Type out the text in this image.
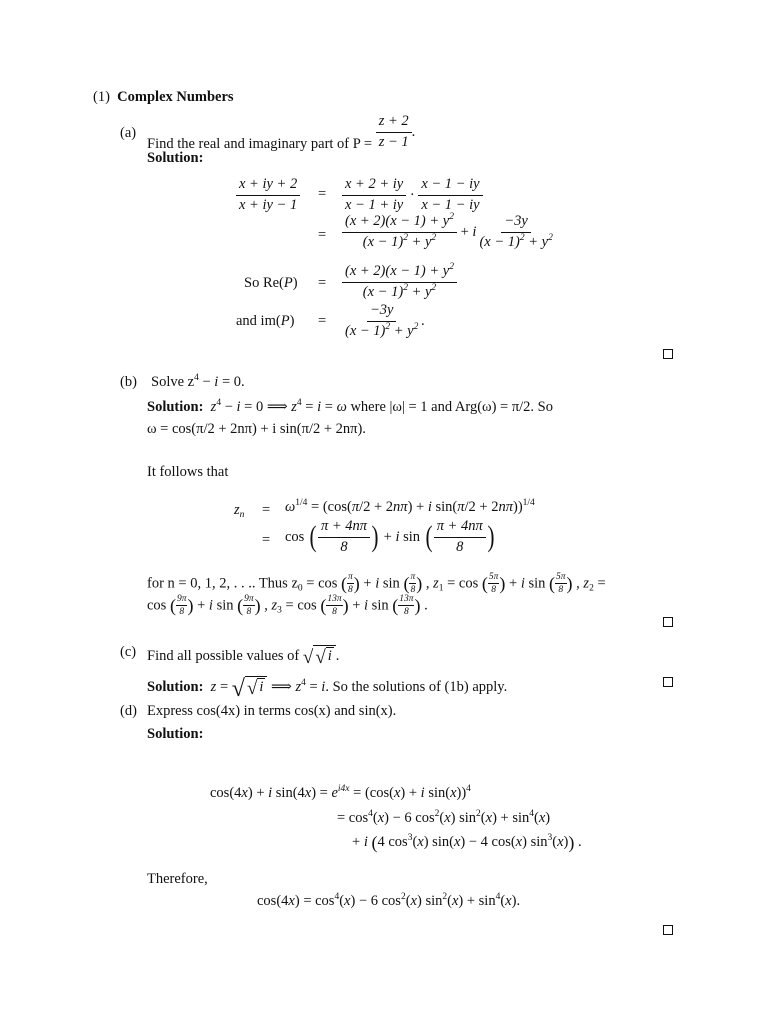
(1) Complex Numbers
(a)
Find the real and imaginary part of $P = \frac{z + 2}{z - 1}$ .
Solution:
$\frac{x + iy + 2}{x + iy - 1} = \frac{x + 2 + iy}{x - 1 + iy} \cdot \frac{x - 1 - iy}{x - 1 - iy}$
= $\frac{(x + 2)(x - 1) + y^2}{(x - 1)^2 + y^2} + i \frac{-3y}{(x - 1)^2 + y^2}$
So $Re(P) = \frac{(x + 2)(x - 1) + y^2}{(x - 1)^2 + y^2}$
and $im(P) = \frac{-3y}{(x - 1)^2 + y^2}$ .
(b) Solve $z^4 - i = 0$.
Solution: $z^4 - i = 0$ ⟹ $z^4 = i = \omega$ where |ω| = 1 and Arg(ω) = π/2. So
ω = cos(π/2 + 2nπ) + i sin(π/2 + 2nπ).
It follows that
$z_n = \omega^{1/4} = (\cos(\pi/2 + 2n\pi) + i$ sin(π/2 + 2nπ))$^{1/4}$
= cos ( $\frac{\pi + 4n\pi}{8}$ ) + i sin ( $\frac{\pi + 4n\pi}{8}$ )
for n = 0, 1, 2, . . .. Thus $z_0 = \cos$ ( $\frac{\pi}{8}$ ) + i sin ( $\frac{\pi}{8}$ ) , $z_1 = \cos$ ( $\frac{5\pi}{8}$ ) + i sin ( $\frac{5\pi}{8}$ ) , $z_2$ =
cos ( $\frac{9\pi}{8}$ ) + i sin ( $\frac{9\pi}{8}$ ) , $z_3 = \cos$ ( $\frac{13\pi}{8}$ ) + i sin ( $\frac{13\pi}{8}$ ) .
(c) Find all possible values of √ √ i .
Solution: z = √ √ i ⟹ $z^4 = i$. So the solutions of (1b) apply.
(d) Express cos(4x) in terms cos(x) and sin(x).
Solution:
cos(4x) + i $\sin(4x) = e^{i4x} = (\cos(x) + i$ sin(x))$^4$
= $\cos^4(x) - 6$ $\cos^2(x) \sin^2(x) + \sin^4(x)$
+ i (4 $\cos^3(x) \sin(x) - 4$ cos(x) $\sin^3(x)$) .
Therefore,
$\cos(4x) = \cos^4(x) - 6$ $\cos^2(x) \sin^2(x) + \sin^4(x)$.
